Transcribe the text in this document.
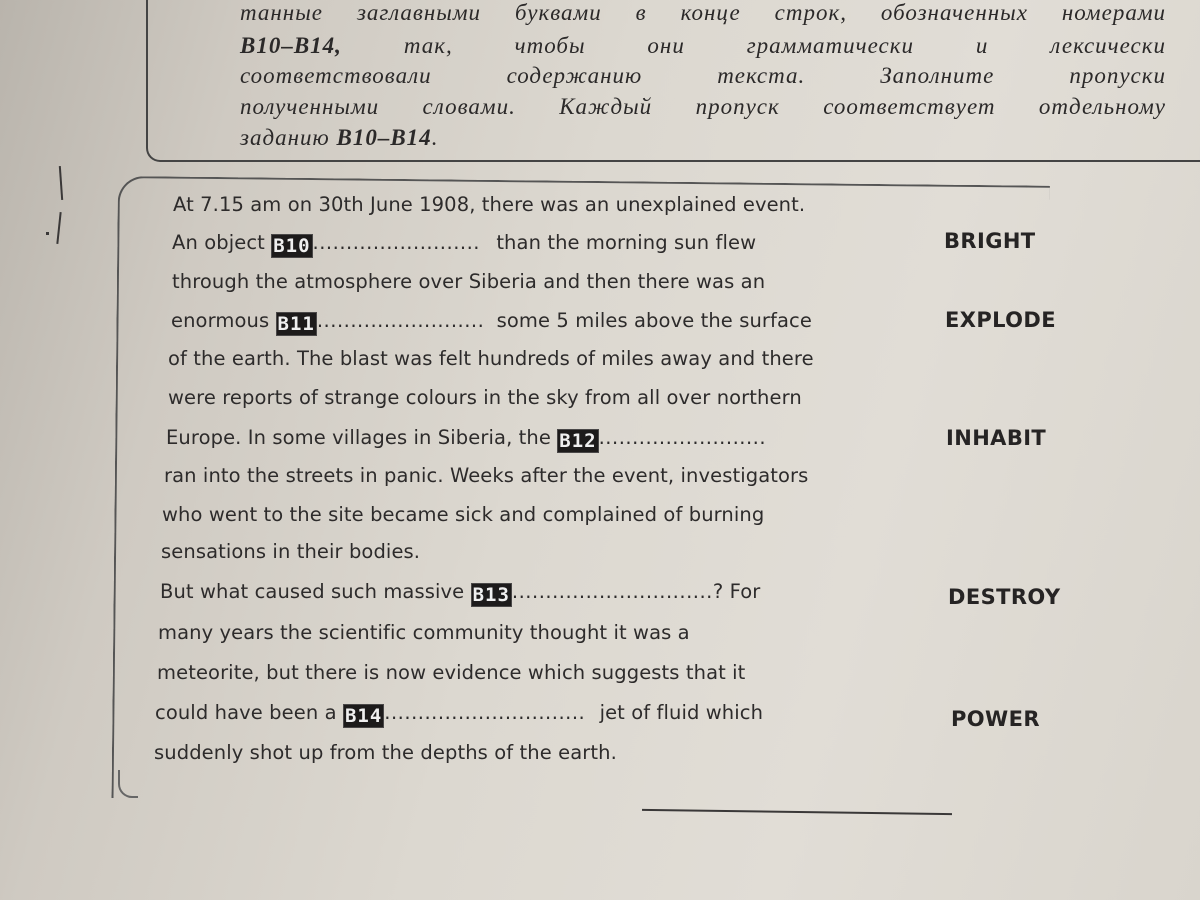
танные заглавными буквами в конце строк, обозначенных номерами
B10–B14,	так, чтобы они грамматически и лексически
соответствовали содержанию текста. Заполните пропуски
полученными словами. Каждый пропуск соответствует отдельному
заданию B10–B14.
At 7.15 am on 30th June 1908, there was an unexplained event.
An object B10 ......................... than the morning sun flew
through the atmosphere over Siberia and then there was an
enormous B11 ......................... some 5 miles above the surface
of the earth. The blast was felt hundreds of miles away and there
were reports of strange colours in the sky from all over northern
Europe. In some villages in Siberia, the B12 .........................
ran into the streets in panic. Weeks after the event, investigators
who went to the site became sick and complained of burning
sensations in their bodies.
But what caused such massive B13 ..............................? For
many years the scientific community thought it was a
meteorite, but there is now evidence which suggests that it
could have been a B14 .............................. jet of fluid which
suddenly shot up from the depths of the earth.
BRIGHT
EXPLODE
INHABIT
DESTROY
POWER
